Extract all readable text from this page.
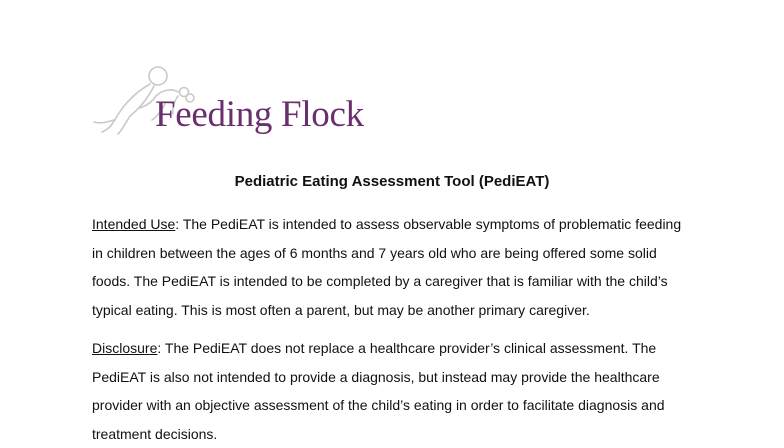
Feeding Flock
Pediatric Eating Assessment Tool (PediEAT)
Intended Use: The PediEAT is intended to assess observable symptoms of problematic feeding
in children between the ages of 6 months and 7 years old who are being offered some solid
foods. The PediEAT is intended to be completed by a caregiver that is familiar with the child’s
typical eating. This is most often a parent, but may be another primary caregiver.
Disclosure: The PediEAT does not replace a healthcare provider’s clinical assessment. The
PediEAT is also not intended to provide a diagnosis, but instead may provide the healthcare
provider with an objective assessment of the child’s eating in order to facilitate diagnosis and
treatment decisions.
